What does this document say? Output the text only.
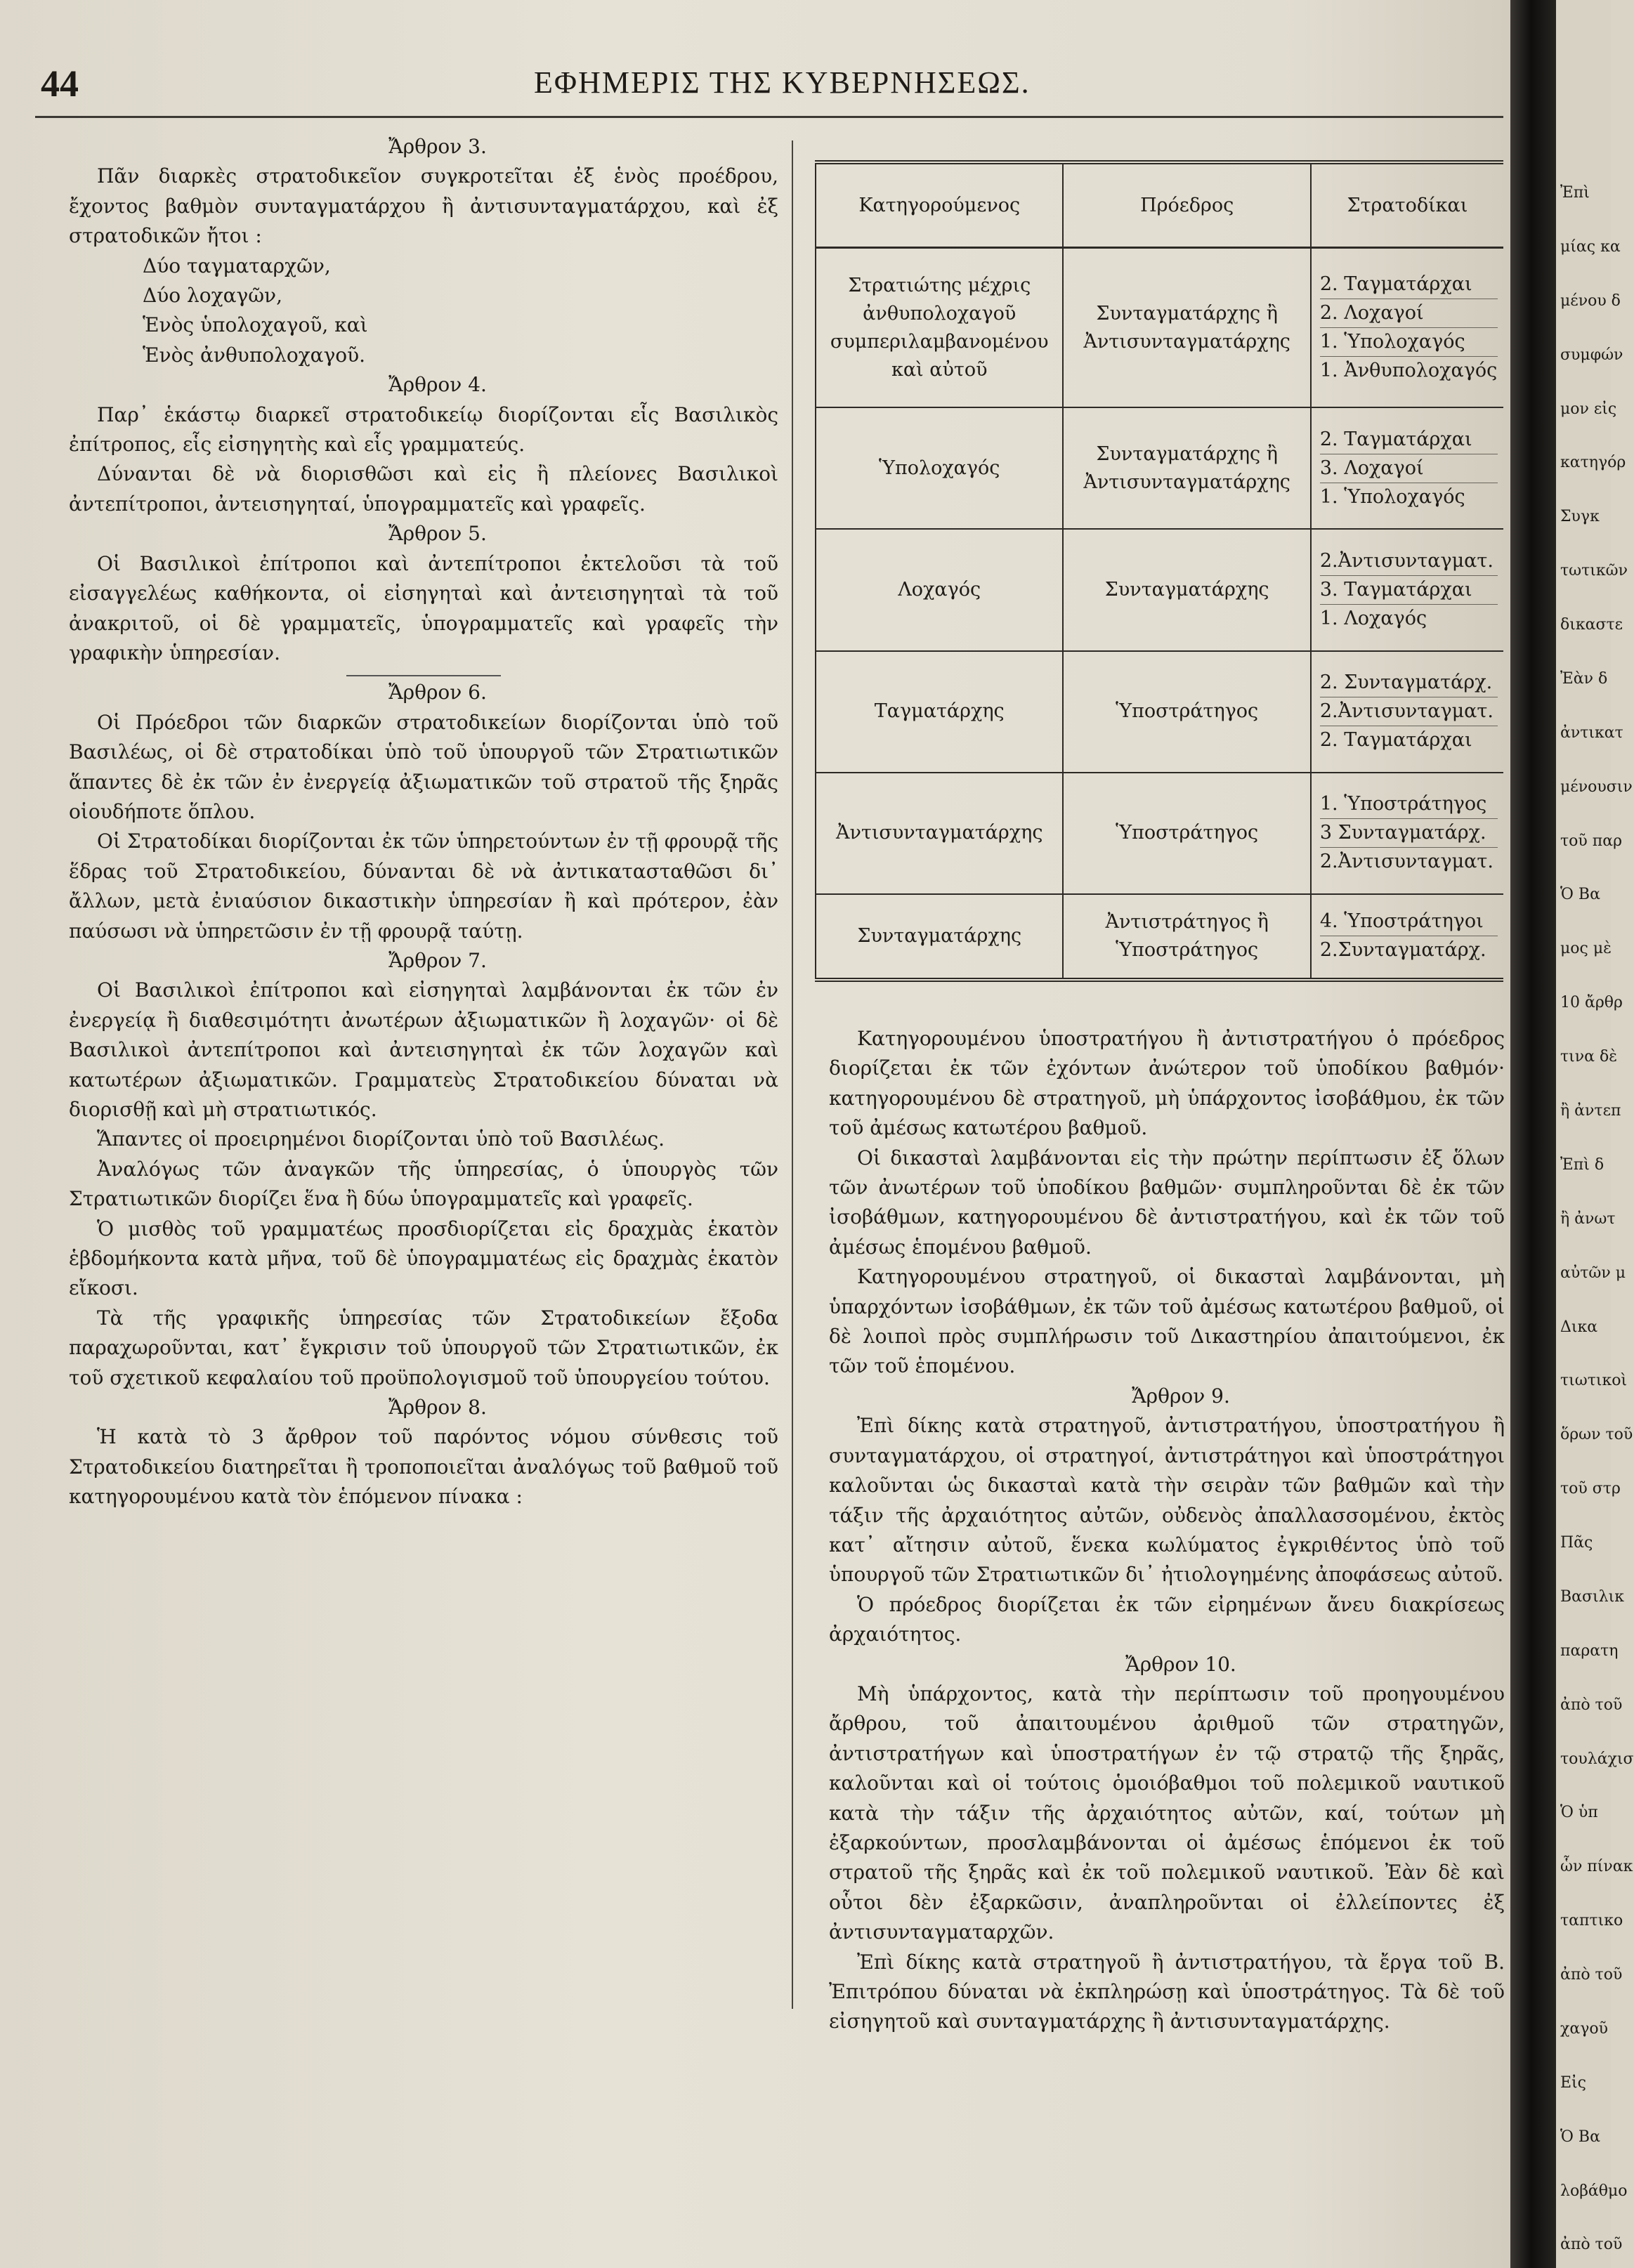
44	ΕΦΗΜΕΡΙΣ ΤΗΣ ΚΥΒΕΡΝΗΣΕΩΣ.

Ἄρθρον 3.

Πᾶν διαρκὲς στρατοδικεῖον συγκροτεῖται ἐξ ἑνὸς προέδρου, ἔχοντος βαθμὸν συνταγματάρχου ἢ ἀντισυνταγματάρχου, καὶ ἐξ στρατοδικῶν ἤτοι :

Δύο ταγματαρχῶν,

Δύο λοχαγῶν,

Ἑνὸς ὑπολοχαγοῦ, καὶ

Ἑνὸς ἀνθυπολοχαγοῦ.

Ἄρθρον 4.

Παρ᾽ ἑκάστῳ διαρκεῖ στρατοδικείῳ διορίζονται εἷς Βασιλικὸς ἐπίτροπος, εἷς εἰσηγητὴς καὶ εἷς γραμματεύς.

Δύνανται δὲ νὰ διορισθῶσι καὶ εἰς ἢ πλείονες Βασιλικοὶ ἀντεπίτροποι, ἀντεισηγηταί, ὑπογραμματεῖς καὶ γραφεῖς.

Ἄρθρον 5.

Οἱ Βασιλικοὶ ἐπίτροποι καὶ ἀντεπίτροποι ἐκτελοῦσι τὰ τοῦ εἰσαγγελέως καθήκοντα, οἱ εἰσηγηταὶ καὶ ἀντεισηγηταὶ τὰ τοῦ ἀνακριτοῦ, οἱ δὲ γραμματεῖς, ὑπογραμματεῖς καὶ γραφεῖς τὴν γραφικὴν ὑπηρεσίαν.

Ἄρθρον 6.

Οἱ Πρόεδροι τῶν διαρκῶν στρατοδικείων διορίζονται ὑπὸ τοῦ Βασιλέως, οἱ δὲ στρατοδίκαι ὑπὸ τοῦ ὑπουργοῦ τῶν Στρατιωτικῶν ἅπαντες δὲ ἐκ τῶν ἐν ἐνεργείᾳ ἀξιωματικῶν τοῦ στρατοῦ τῆς ξηρᾶς οἱουδήποτε ὅπλου.

Οἱ Στρατοδίκαι διορίζονται ἐκ τῶν ὑπηρετούντων ἐν τῇ φρουρᾷ τῆς ἕδρας τοῦ Στρατοδικείου, δύνανται δὲ νὰ ἀντικατασταθῶσι δι᾽ ἄλλων, μετὰ ἐνιαύσιον δικαστικὴν ὑπηρεσίαν ἢ καὶ πρότερον, ἐὰν παύσωσι νὰ ὑπηρετῶσιν ἐν τῇ φρουρᾷ ταύτῃ.

Ἄρθρον 7.

Οἱ Βασιλικοὶ ἐπίτροποι καὶ εἰσηγηταὶ λαμβάνονται ἐκ τῶν ἐν ἐνεργείᾳ ἢ διαθεσιμότητι ἀνωτέρων ἀξιωματικῶν ἢ λοχαγῶν· οἱ δὲ Βασιλικοὶ ἀντεπίτροποι καὶ ἀντεισηγηταὶ ἐκ τῶν λοχαγῶν καὶ κατωτέρων ἀξιωματικῶν. Γραμματεὺς Στρατοδικείου δύναται νὰ διορισθῇ καὶ μὴ στρατιωτικός.

Ἅπαντες οἱ προειρημένοι διορίζονται ὑπὸ τοῦ Βασιλέως.

Ἀναλόγως τῶν ἀναγκῶν τῆς ὑπηρεσίας, ὁ ὑπουργὸς τῶν Στρατιωτικῶν διορίζει ἕνα ἢ δύω ὑπογραμματεῖς καὶ γραφεῖς.

Ὁ μισθὸς τοῦ γραμματέως προσδιορίζεται εἰς δραχμὰς ἑκατὸν ἑβδομήκοντα κατὰ μῆνα, τοῦ δὲ ὑπογραμματέως εἰς δραχμὰς ἑκατὸν εἴκοσι.

Τὰ τῆς γραφικῆς ὑπηρεσίας τῶν Στρατοδικείων ἔξοδα παραχωροῦνται, κατ᾽ ἔγκρισιν τοῦ ὑπουργοῦ τῶν Στρατιωτικῶν, ἐκ τοῦ σχετικοῦ κεφαλαίου τοῦ προϋπολογισμοῦ τοῦ ὑπουργείου τούτου.

Ἄρθρον 8.

Ἡ κατὰ τὸ 3 ἄρθρον τοῦ παρόντος νόμου σύνθεσις τοῦ Στρατοδικείου διατηρεῖται ἢ τροποποιεῖται ἀναλόγως τοῦ βαθμοῦ τοῦ κατηγορουμένου κατὰ τὸν ἑπόμενον πίνακα :

Κατηγορούμενος	Πρόεδρος	Στρατοδίκαι
Στρατιώτης μέχρις ἀνθυπολοχαγοῦ συμπεριλαμβανομένου καὶ αὐτοῦ	Συνταγματάρχης ἢ Ἀντισυνταγματάρχης	2. Ταγματάρχαι
2. Λοχαγοί
1. Ὑπολοχαγός
1. Ἀνθυπολοχαγός

Ὑπολοχαγός	Συνταγματάρχης ἢ Ἀντισυνταγματάρχης	2. Ταγματάρχαι
3. Λοχαγοί
1. Ὑπολοχαγός

Λοχαγός	Συνταγματάρχης	2.Ἀντισυνταγματ.
3. Ταγματάρχαι
1. Λοχαγός

Ταγματάρχης	Ὑποστράτηγος	2. Συνταγματάρχ.
2.Ἀντισυνταγματ.
2. Ταγματάρχαι

Ἀντισυνταγματάρχης	Ὑποστράτηγος	1. Ὑποστράτηγος
3 Συνταγματάρχ.
2.Ἀντισυνταγματ.

Συνταγματάρχης	Ἀντιστράτηγος ἢ Ὑποστράτηγος	4. Ὑποστράτηγοι
2.Συνταγματάρχ.

Κατηγορουμένου ὑποστρατήγου ἢ ἀντιστρατήγου ὁ πρόεδρος διορίζεται ἐκ τῶν ἐχόντων ἀνώτερον τοῦ ὑποδίκου βαθμόν· κατηγορουμένου δὲ στρατηγοῦ, μὴ ὑπάρχοντος ἰσοβάθμου, ἐκ τῶν τοῦ ἀμέσως κατωτέρου βαθμοῦ.

Οἱ δικασταὶ λαμβάνονται εἰς τὴν πρώτην περίπτωσιν ἐξ ὅλων τῶν ἀνωτέρων τοῦ ὑποδίκου βαθμῶν· συμπληροῦνται δὲ ἐκ τῶν ἰσοβάθμων, κατηγορουμένου δὲ ἀντιστρατήγου, καὶ ἐκ τῶν τοῦ ἀμέσως ἑπομένου βαθμοῦ.

Κατηγορουμένου στρατηγοῦ, οἱ δικασταὶ λαμβάνονται, μὴ ὑπαρχόντων ἰσοβάθμων, ἐκ τῶν τοῦ ἀμέσως κατωτέρου βαθμοῦ, οἱ δὲ λοιποὶ πρὸς συμπλήρωσιν τοῦ Δικαστηρίου ἀπαιτούμενοι, ἐκ τῶν τοῦ ἑπομένου.

Ἄρθρον 9.

Ἐπὶ δίκης κατὰ στρατηγοῦ, ἀντιστρατήγου, ὑποστρατήγου ἢ συνταγματάρχου, οἱ στρατηγοί, ἀντιστράτηγοι καὶ ὑποστράτηγοι καλοῦνται ὡς δικασταὶ κατὰ τὴν σειρὰν τῶν βαθμῶν καὶ τὴν τάξιν τῆς ἀρχαιότητος αὐτῶν, οὐδενὸς ἀπαλλασσομένου, ἐκτὸς κατ᾽ αἴτησιν αὐτοῦ, ἕνεκα κωλύματος ἐγκριθέντος ὑπὸ τοῦ ὑπουργοῦ τῶν Στρατιωτικῶν δι᾽ ἠτιολογημένης ἀποφάσεως αὐτοῦ.

Ὁ πρόεδρος διορίζεται ἐκ τῶν εἰρημένων ἄνευ διακρίσεως ἀρχαιότητος.

Ἄρθρον 10.

Μὴ ὑπάρχοντος, κατὰ τὴν περίπτωσιν τοῦ προηγουμένου ἄρθρου, τοῦ ἀπαιτουμένου ἀριθμοῦ τῶν στρατηγῶν, ἀντιστρατήγων καὶ ὑποστρατήγων ἐν τῷ στρατῷ τῆς ξηρᾶς, καλοῦνται καὶ οἱ τούτοις ὁμοιόβαθμοι τοῦ πολεμικοῦ ναυτικοῦ κατὰ τὴν τάξιν τῆς ἀρχαιότητος αὐτῶν, καί, τούτων μὴ ἐξαρκούντων, προσλαμβάνονται οἱ ἀμέσως ἑπόμενοι ἐκ τοῦ στρατοῦ τῆς ξηρᾶς καὶ ἐκ τοῦ πολεμικοῦ ναυτικοῦ. Ἐὰν δὲ καὶ οὗτοι δὲν ἐξαρκῶσιν, ἀναπληροῦνται οἱ ἐλλείποντες ἐξ ἀντισυνταγματαρχῶν.

Ἐπὶ δίκης κατὰ στρατηγοῦ ἢ ἀντιστρατήγου, τὰ ἔργα τοῦ Β. Ἐπιτρόπου δύναται νὰ ἐκπληρώσῃ καὶ ὑποστράτηγος. Τὰ δὲ τοῦ εἰσηγητοῦ καὶ συνταγματάρχης ἢ ἀντισυνταγματάρχης.

Ἐπὶ
μίας κα
μένου δ
συμφών
μον εἰς
κατηγόρ
Συγκ
τωτικῶν
δικαστε
Ἐὰν δ
ἀντικατ
μένουσιν
τοῦ παρ
Ὁ Βα
μος μὲ
10 ἄρθρ
τινα δὲ
ἢ ἀντεπ
Ἐπὶ δ
ἢ ἀνωτ
αὐτῶν μ
Δικα
τιωτικοὶ
ὅρων τοῦ
τοῦ στρ
Πᾶς
Βασιλικ
παρατη
ἀπὸ τοῦ
τουλάχισ
Ὁ ὑπ
ὧν πίνακ
ταπτικο
ἀπὸ τοῦ
χαγοῦ
Εἰς
Ὁ Βα
λοβάθμο
ἀπὸ τοῦ
